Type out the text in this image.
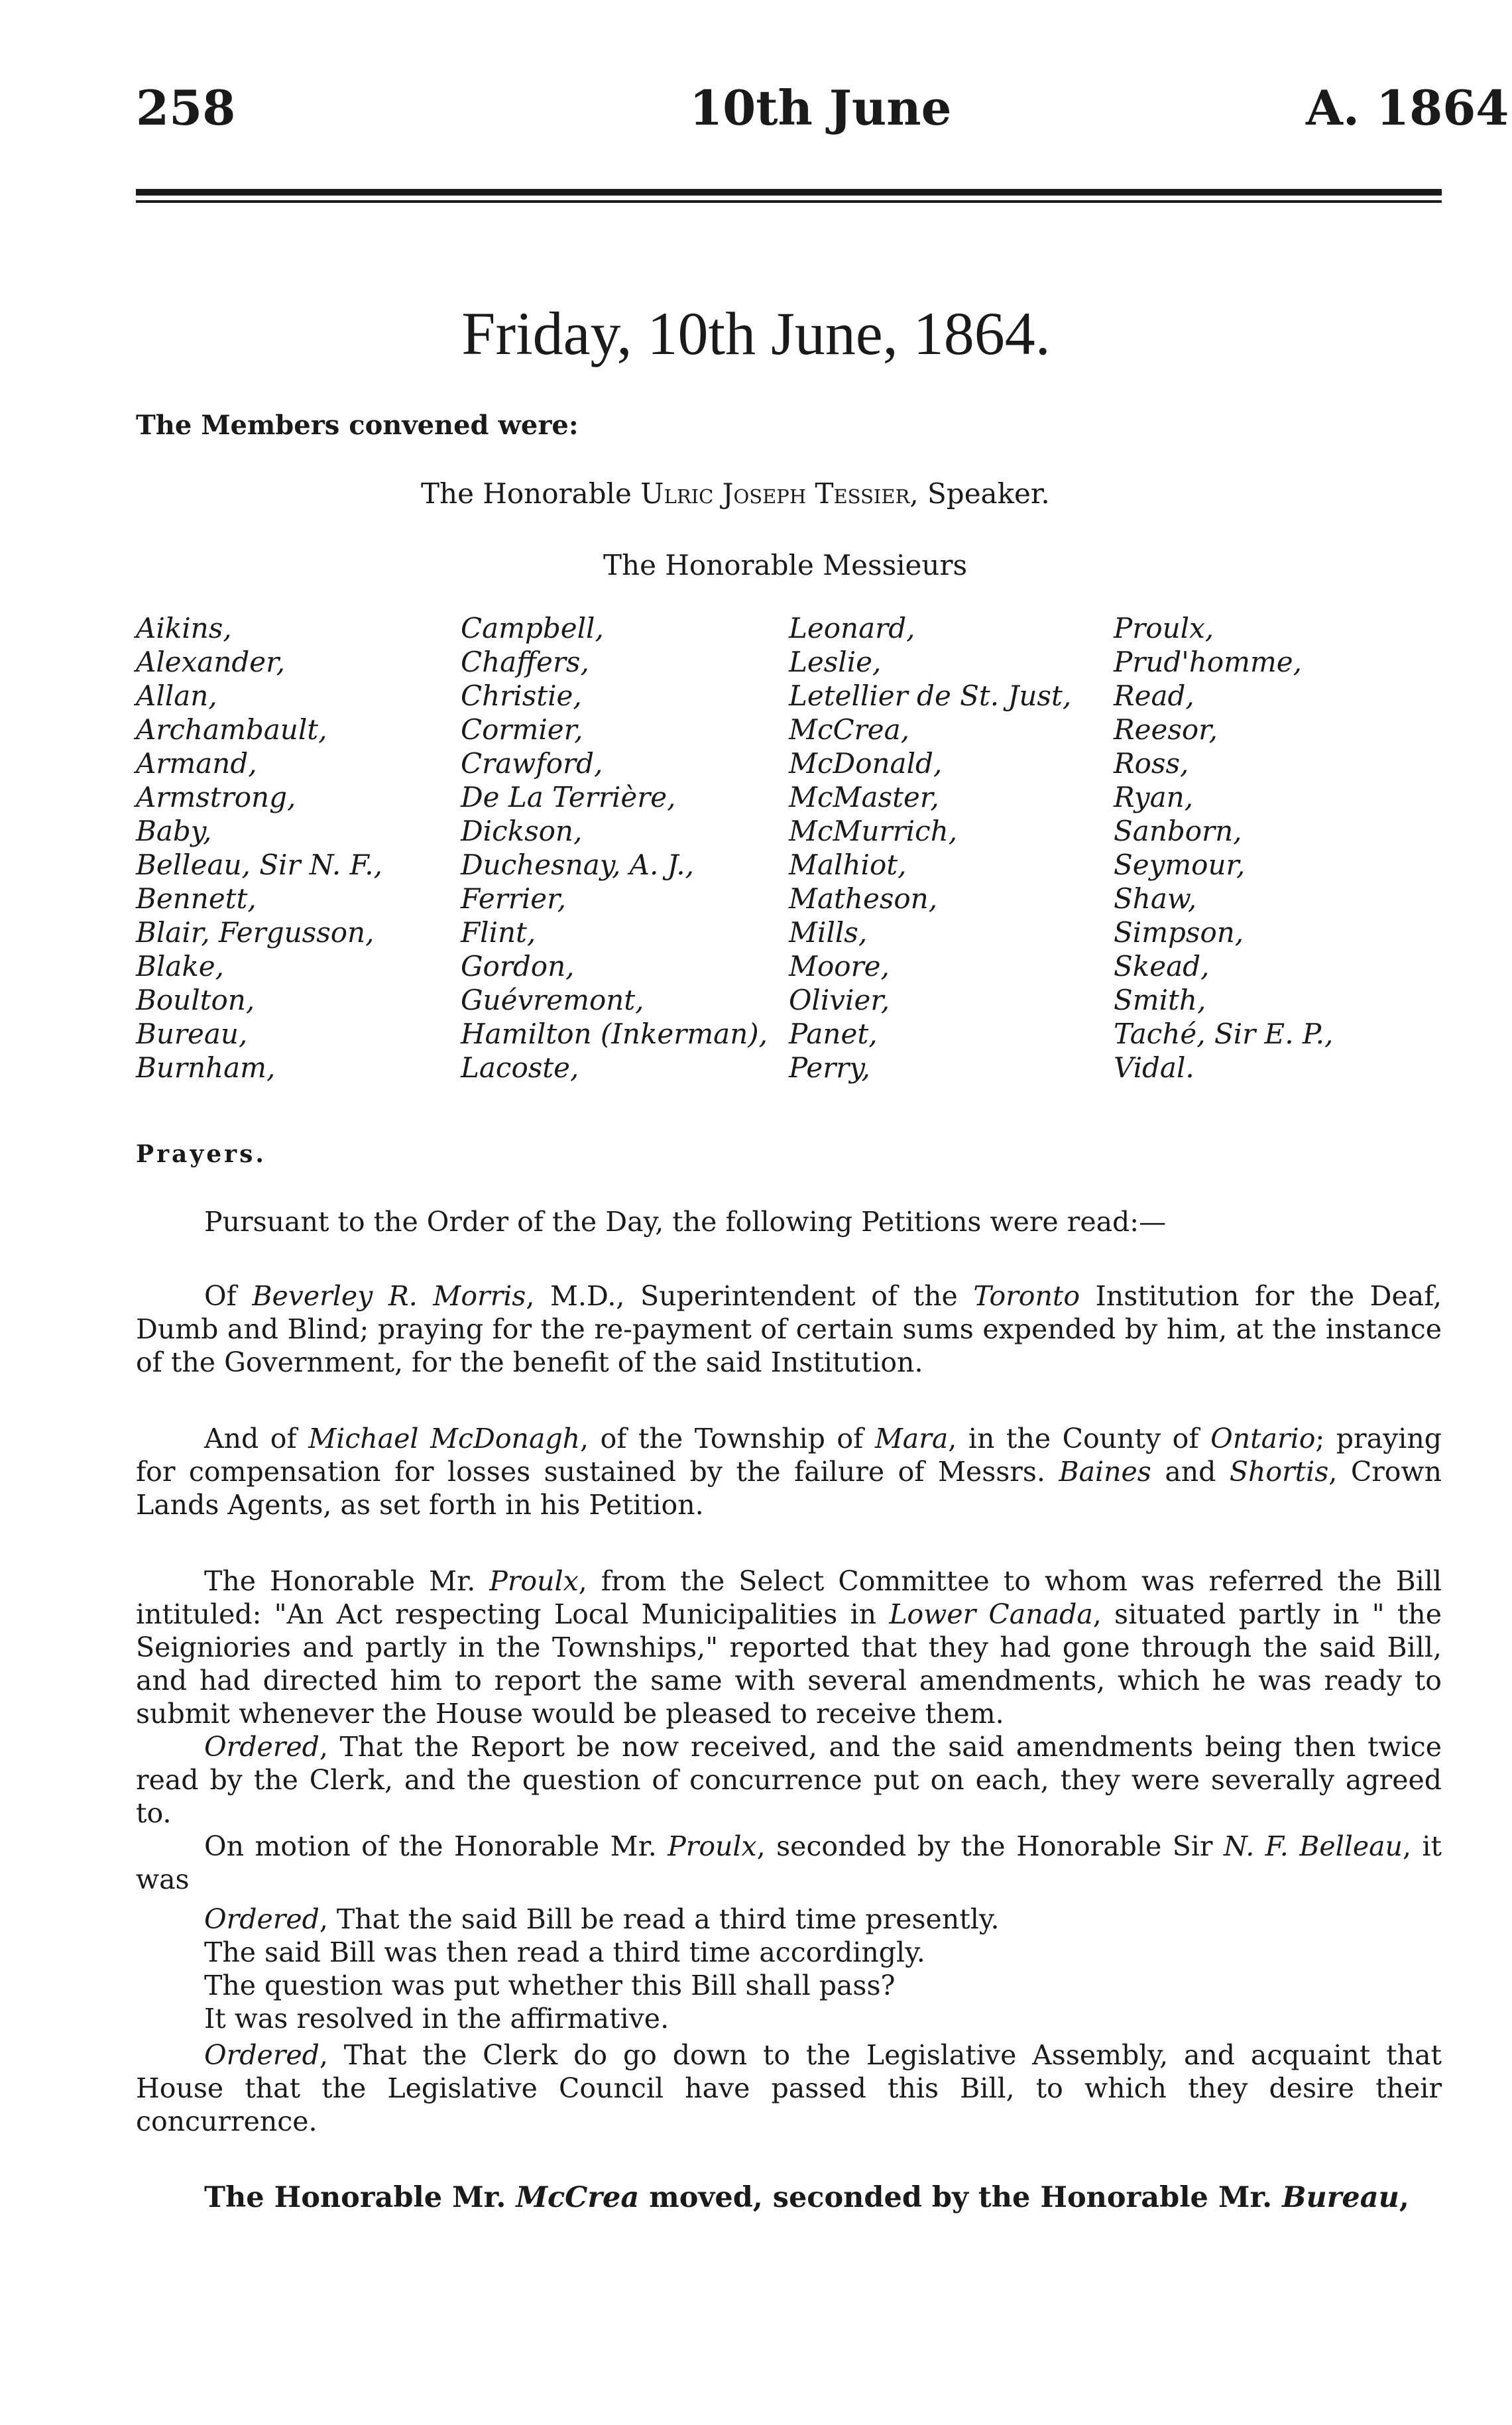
258	10th June	A. 1864
Friday, 10th June, 1864.
The Members convened were:
The Honorable Ulric Joseph Tessier, Speaker.
The Honorable Messieurs
Aikins,
Alexander,
Allan,
Archambault,
Armand,
Armstrong,
Baby,
Belleau, Sir N. F.,
Bennett,
Blair, Fergusson,
Blake,
Boulton,
Bureau,
Burnham,
Campbell,
Chaffers,
Christie,
Cormier,
Crawford,
De La Terrière,
Dickson,
Duchesnay, A. J.,
Ferrier,
Flint,
Gordon,
Guévremont,
Hamilton (Inkerman),
Lacoste,
Leonard,
Leslie,
Letellier de St. Just,
McCrea,
McDonald,
McMaster,
McMurrich,
Malhiot,
Matheson,
Mills,
Moore,
Olivier,
Panet,
Perry,
Proulx,
Prud'homme,
Read,
Reesor,
Ross,
Ryan,
Sanborn,
Seymour,
Shaw,
Simpson,
Skead,
Smith,
Taché, Sir E. P.,
Vidal.
Prayers.
Pursuant to the Order of the Day, the following Petitions were read:—
Of Beverley R. Morris, M.D., Superintendent of the Toronto Institution for the Deaf, Dumb and Blind; praying for the re-payment of certain sums expended by him, at the instance of the Government, for the benefit of the said Institution.
And of Michael McDonagh, of the Township of Mara, in the County of Ontario; praying for compensation for losses sustained by the failure of Messrs. Baines and Shortis, Crown Lands Agents, as set forth in his Petition.
The Honorable Mr. Proulx, from the Select Committee to whom was referred the Bill intituled: "An Act respecting Local Municipalities in Lower Canada, situated partly in " the Seigniories and partly in the Townships," reported that they had gone through the said Bill, and had directed him to report the same with several amendments, which he was ready to submit whenever the House would be pleased to receive them.
Ordered, That the Report be now received, and the said amendments being then twice read by the Clerk, and the question of concurrence put on each, they were severally agreed to.
On motion of the Honorable Mr. Proulx, seconded by the Honorable Sir N. F. Belleau, it was
Ordered, That the said Bill be read a third time presently.
The said Bill was then read a third time accordingly.
The question was put whether this Bill shall pass?
It was resolved in the affirmative.
Ordered, That the Clerk do go down to the Legislative Assembly, and acquaint that House that the Legislative Council have passed this Bill, to which they desire their concurrence.
The Honorable Mr. McCrea moved, seconded by the Honorable Mr. Bureau,
